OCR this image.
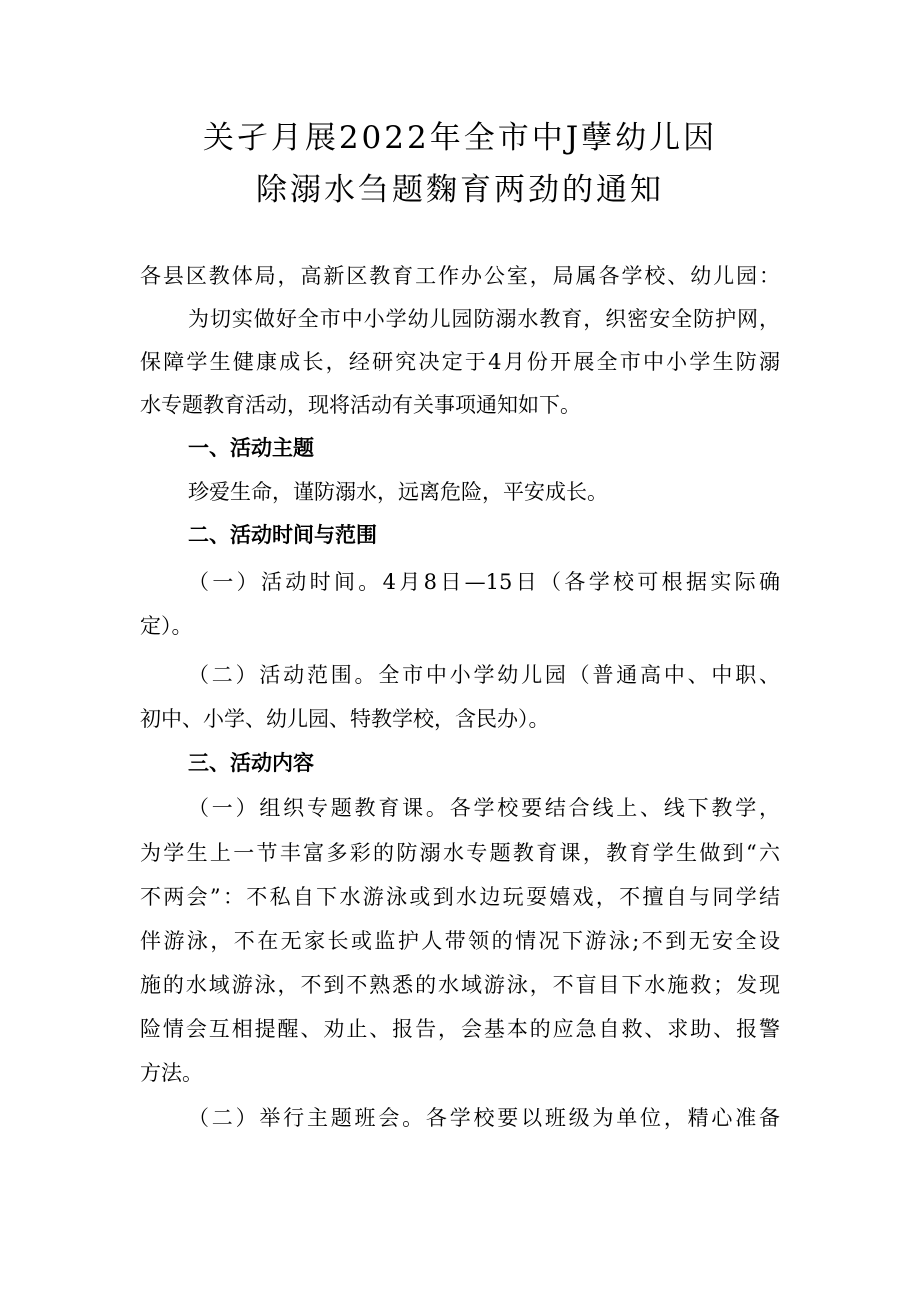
关孑月展2022年全市中J孽幼儿因
除溺水刍题麴育两劲的通知
各县区教体局，高新区教育工作办公室，局属各学校、幼儿园：
为切实做好全市中小学幼儿园防溺水教育，织密安全防护网，
保障学生健康成长，经研究决定于4月份开展全市中小学生防溺
水专题教育活动，现将活动有关事项通知如下。
一、活动主题
珍爱生命，谨防溺水，远离危险，平安成长。
二、活动时间与范围
（一）活动时间。4月8日—15日（各学校可根据实际确
定）。
（二）活动范围。全市中小学幼儿园（普通高中、中职、
初中、小学、幼儿园、特教学校，含民办）。
三、活动内容
（一）组织专题教育课。各学校要结合线上、线下教学，
为学生上一节丰富多彩的防溺水专题教育课，教育学生做到“六
不两会”：不私自下水游泳或到水边玩耍嬉戏，不擅自与同学结
伴游泳，不在无家长或监护人带领的情况下游泳;不到无安全设
施的水域游泳，不到不熟悉的水域游泳，不盲目下水施救；发现
险情会互相提醒、劝止、报告，会基本的应急自救、求助、报警
方法。
（二）举行主题班会。各学校要以班级为单位，精心准备
